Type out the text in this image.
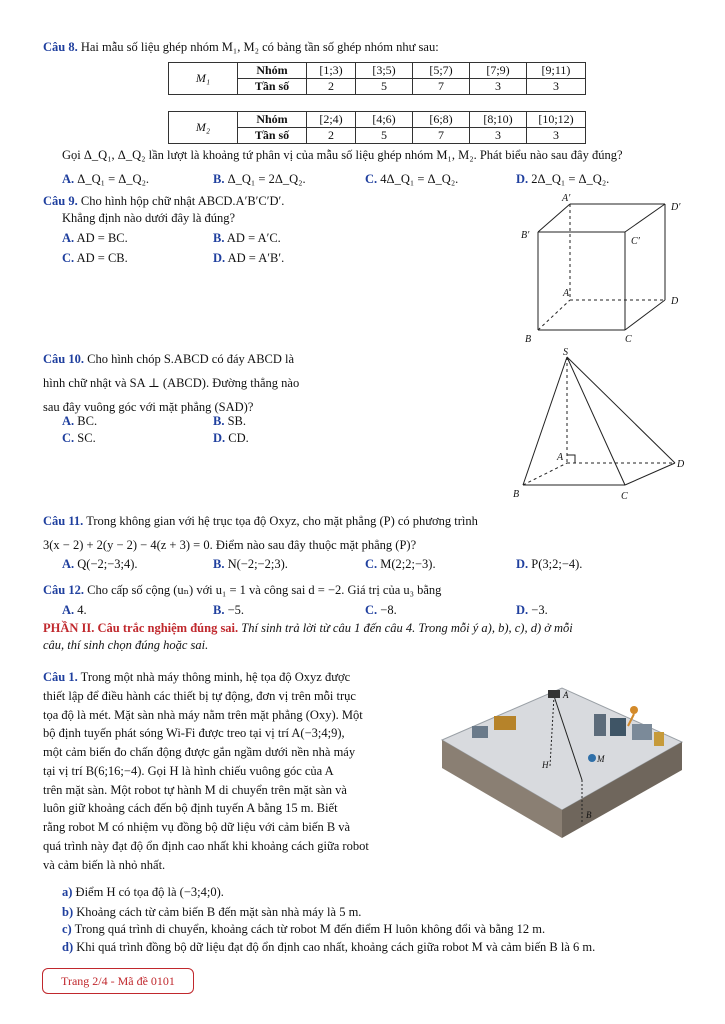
Câu 8. Hai mẫu số liệu ghép nhóm M₁, M₂ có bảng tần số ghép nhóm như sau:
M₁	Nhóm	[1;3)	[3;5)	[5;7)	[7;9)	[9;11)
	Tần số	2	5	7	3	3
M₂	Nhóm	[2;4)	[4;6)	[6;8)	[8;10)	[10;12)
	Tần số	2	5	7	3	3
Gọi Δ_Q₁, Δ_Q₂ lần lượt là khoảng tứ phân vị của mẫu số liệu ghép nhóm M₁, M₂. Phát biểu nào sau đây đúng?
A. Δ_Q₁ = Δ_Q₂.	B. Δ_Q₁ = 2Δ_Q₂.	C. 4Δ_Q₁ = Δ_Q₂.	D. 2Δ_Q₁ = Δ_Q₂.
Câu 9. Cho hình hộp chữ nhật ABCD.A′B′C′D′.
Khẳng định nào dưới đây là đúng?
A. AD = BC.	B. AD = A′C.
C. AD = CB.	D. AD = A′B′.
A′
D′
B′
C′
A
D
B	C
Câu 10. Cho hình chóp S.ABCD có đáy ABCD là
hình chữ nhật và SA ⊥ (ABCD). Đường thẳng nào
sau đây vuông góc với mặt phẳng (SAD)?
A. BC.	B. SB.
C. SC.	D. CD.
S
A
D
B	C
Câu 11. Trong không gian với hệ trục tọa độ Oxyz, cho mặt phẳng (P) có phương trình
3(x − 2) + 2(y − 2) − 4(z + 3) = 0. Điểm nào sau đây thuộc mặt phẳng (P)?
A. Q(−2;−3;4).	B. N(−2;−2;3).	C. M(2;2;−3).	D. P(3;2;−4).
Câu 12. Cho cấp số cộng (uₙ) với u₁ = 1 và công sai d = −2. Giá trị của u₃ bằng
A. 4.	B. −5.	C. −8.	D. −3.
PHẦN II. Câu trắc nghiệm đúng sai. Thí sinh trả lời từ câu 1 đến câu 4. Trong mỗi ý a), b), c), d) ở mỗi
câu, thí sinh chọn đúng hoặc sai.
Câu 1. Trong một nhà máy thông minh, hệ tọa độ Oxyz được
thiết lập để điều hành các thiết bị tự động, đơn vị trên mỗi trục
tọa độ là mét. Mặt sàn nhà máy nằm trên mặt phẳng (Oxy). Một
bộ định tuyến phát sóng Wi-Fi được treo tại vị trí A(−3;4;9),
một cảm biến đo chấn động được gắn ngầm dưới nền nhà máy
tại vị trí B(6;16;−4). Gọi H là hình chiếu vuông góc của A
trên mặt sàn. Một robot tự hành M di chuyển trên mặt sàn và
luôn giữ khoảng cách đến bộ định tuyến A bằng 15 m. Biết
rằng robot M có nhiệm vụ đồng bộ dữ liệu với cảm biến B và
quá trình này đạt độ ổn định cao nhất khi khoảng cách giữa robot
và cảm biến là nhỏ nhất.
A
H
M
B
a) Điểm H có tọa độ là (−3;4;0).
b) Khoảng cách từ cảm biến B đến mặt sàn nhà máy là 5 m.
c) Trong quá trình di chuyển, khoảng cách từ robot M đến điểm H luôn không đổi và bằng 12 m.
d) Khi quá trình đồng bộ dữ liệu đạt độ ổn định cao nhất, khoảng cách giữa robot M và cảm biến B là 6 m.
Trang 2/4 - Mã đề 0101
